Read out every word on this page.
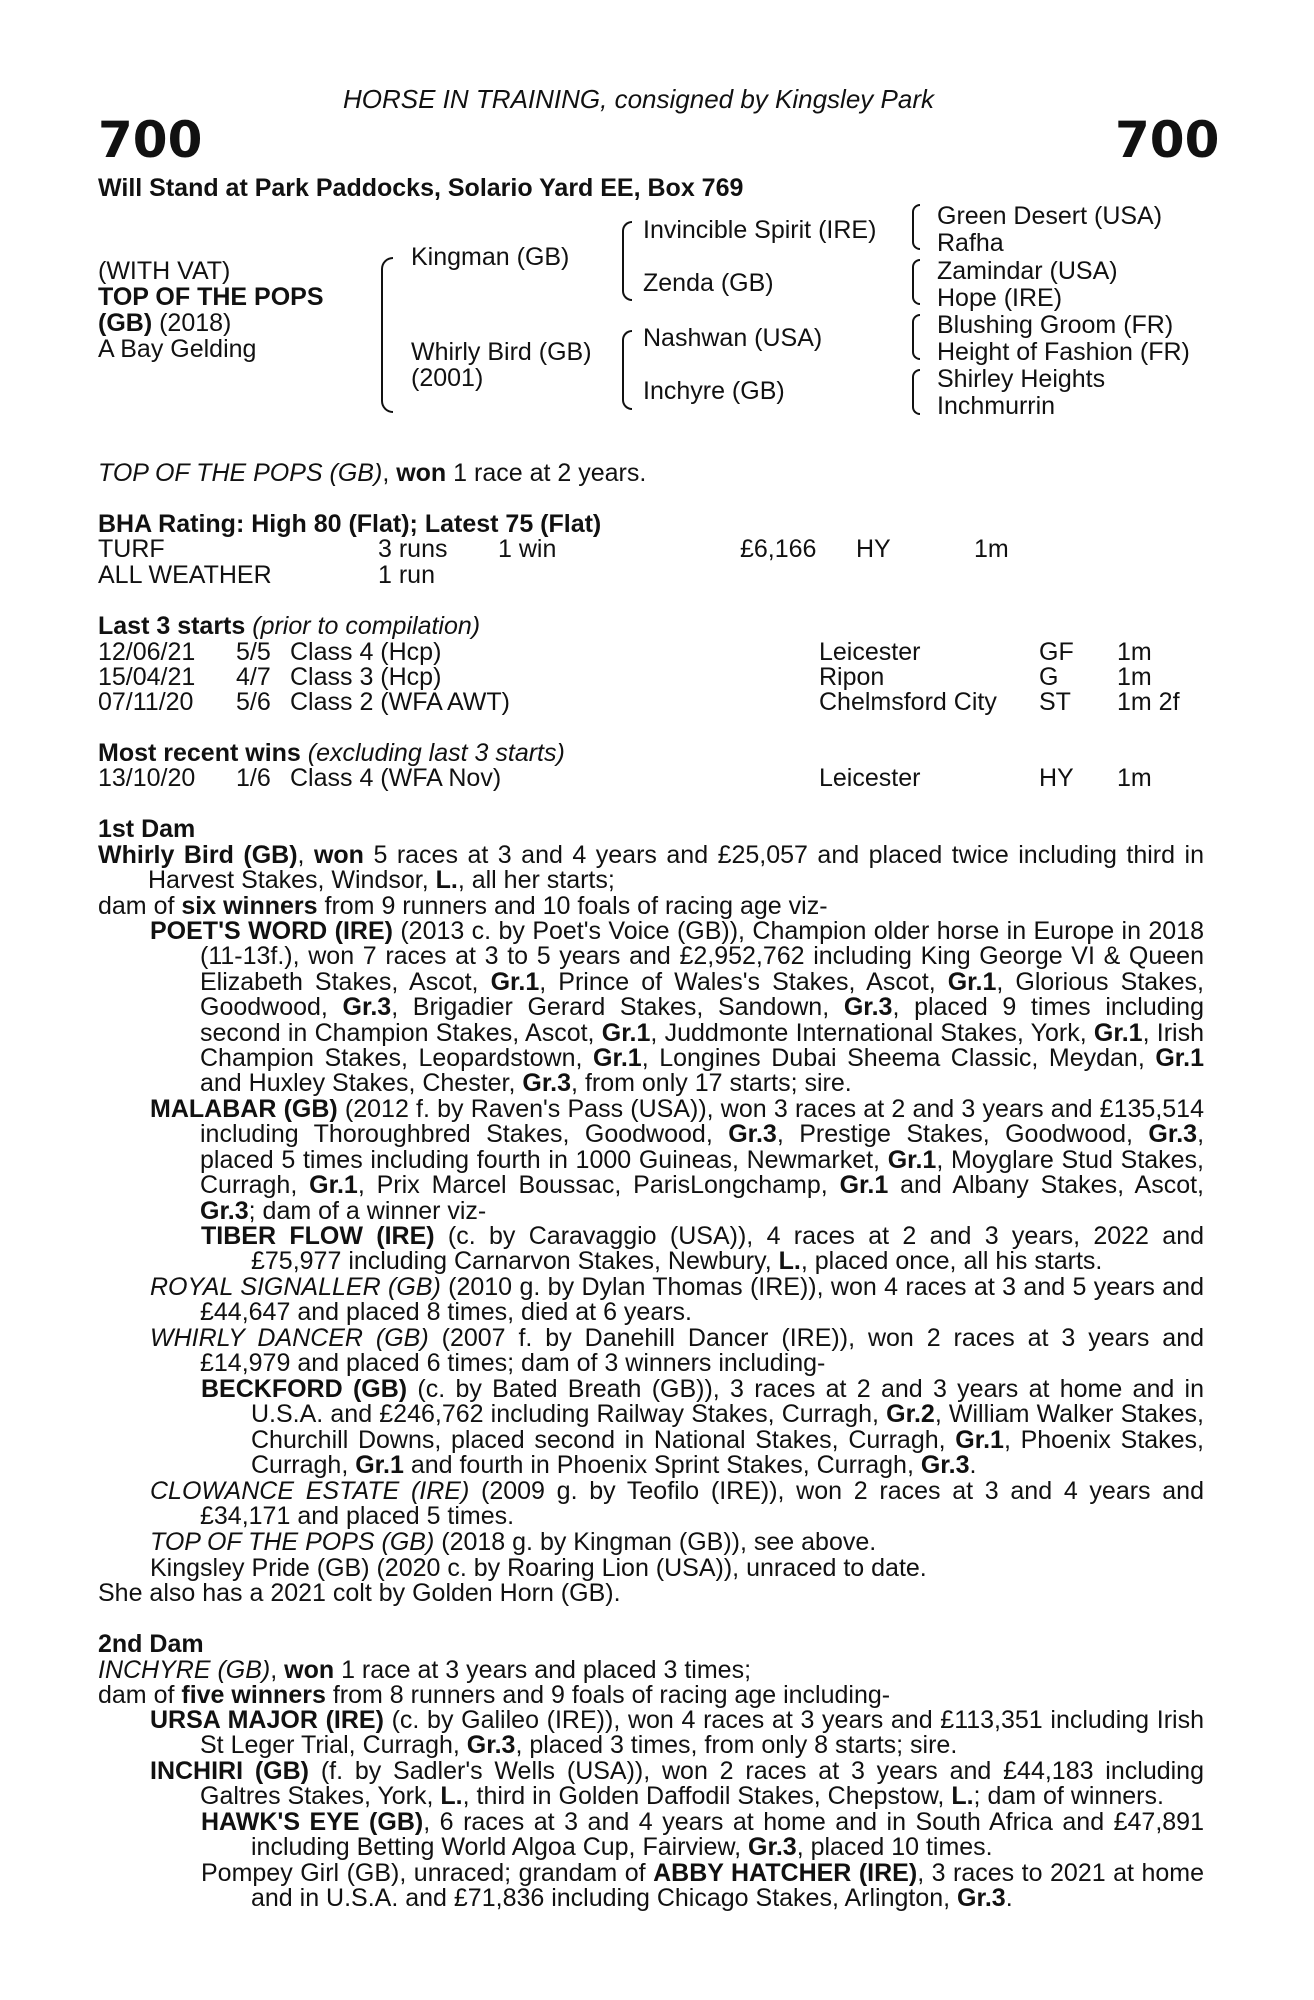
HORSE IN TRAINING, consigned by Kingsley Park
700	700
Will Stand at Park Paddocks, Solario Yard EE, Box 769
(WITH VAT)
TOP OF THE POPS
(GB) (2018)
A Bay Gelding
Kingman (GB)
Whirly Bird (GB)
(2001)
Invincible Spirit (IRE)
Zenda (GB)
Nashwan (USA)
Inchyre (GB)
Green Desert (USA)
Rafha
Zamindar (USA)
Hope (IRE)
Blushing Groom (FR)
Height of Fashion (FR)
Shirley Heights
Inchmurrin
TOP OF THE POPS (GB), won 1 race at 2 years.
BHA Rating: High 80 (Flat); Latest 75 (Flat)
TURF	3 runs 1 win	£6,166 HY	1m
ALL WEATHER	1 run
Last 3 starts (prior to compilation)
12/06/21 5/5 Class 4 (Hcp)	Leicester	GF 1m
15/04/21 4/7 Class 3 (Hcp)	Ripon	G 1m
07/11/20 5/6 Class 2 (WFA AWT)	Chelmsford City ST 1m 2f
Most recent wins (excluding last 3 starts)
13/10/20 1/6 Class 4 (WFA Nov)	Leicester	HY 1m
1st Dam
Whirly Bird (GB), won 5 races at 3 and 4 years and £25,057 and placed twice including third in Harvest Stakes, Windsor, L., all her starts;
dam of six winners from 9 runners and 10 foals of racing age viz-
POET'S WORD (IRE) (2013 c. by Poet's Voice (GB)), Champion older horse in Europe in 2018 (11-13f.), won 7 races at 3 to 5 years and £2,952,762 including King George VI & Queen Elizabeth Stakes, Ascot, Gr.1, Prince of Wales's Stakes, Ascot, Gr.1, Glorious Stakes, Goodwood, Gr.3, Brigadier Gerard Stakes, Sandown, Gr.3, placed 9 times including second in Champion Stakes, Ascot, Gr.1, Juddmonte International Stakes, York, Gr.1, Irish Champion Stakes, Leopardstown, Gr.1, Longines Dubai Sheema Classic, Meydan, Gr.1 and Huxley Stakes, Chester, Gr.3, from only 17 starts; sire.
MALABAR (GB) (2012 f. by Raven's Pass (USA)), won 3 races at 2 and 3 years and £135,514 including Thoroughbred Stakes, Goodwood, Gr.3, Prestige Stakes, Goodwood, Gr.3, placed 5 times including fourth in 1000 Guineas, Newmarket, Gr.1, Moyglare Stud Stakes, Curragh, Gr.1, Prix Marcel Boussac, ParisLongchamp, Gr.1 and Albany Stakes, Ascot, Gr.3; dam of a winner viz-
TIBER FLOW (IRE) (c. by Caravaggio (USA)), 4 races at 2 and 3 years, 2022 and £75,977 including Carnarvon Stakes, Newbury, L., placed once, all his starts.
ROYAL SIGNALLER (GB) (2010 g. by Dylan Thomas (IRE)), won 4 races at 3 and 5 years and £44,647 and placed 8 times, died at 6 years.
WHIRLY DANCER (GB) (2007 f. by Danehill Dancer (IRE)), won 2 races at 3 years and £14,979 and placed 6 times; dam of 3 winners including-
BECKFORD (GB) (c. by Bated Breath (GB)), 3 races at 2 and 3 years at home and in U.S.A. and £246,762 including Railway Stakes, Curragh, Gr.2, William Walker Stakes, Churchill Downs, placed second in National Stakes, Curragh, Gr.1, Phoenix Stakes, Curragh, Gr.1 and fourth in Phoenix Sprint Stakes, Curragh, Gr.3.
CLOWANCE ESTATE (IRE) (2009 g. by Teofilo (IRE)), won 2 races at 3 and 4 years and £34,171 and placed 5 times.
TOP OF THE POPS (GB) (2018 g. by Kingman (GB)), see above.
Kingsley Pride (GB) (2020 c. by Roaring Lion (USA)), unraced to date.
She also has a 2021 colt by Golden Horn (GB).
2nd Dam
INCHYRE (GB), won 1 race at 3 years and placed 3 times;
dam of five winners from 8 runners and 9 foals of racing age including-
URSA MAJOR (IRE) (c. by Galileo (IRE)), won 4 races at 3 years and £113,351 including Irish St Leger Trial, Curragh, Gr.3, placed 3 times, from only 8 starts; sire.
INCHIRI (GB) (f. by Sadler's Wells (USA)), won 2 races at 3 years and £44,183 including Galtres Stakes, York, L., third in Golden Daffodil Stakes, Chepstow, L.; dam of winners.
HAWK'S EYE (GB), 6 races at 3 and 4 years at home and in South Africa and £47,891 including Betting World Algoa Cup, Fairview, Gr.3, placed 10 times.
Pompey Girl (GB), unraced; grandam of ABBY HATCHER (IRE), 3 races to 2021 at home and in U.S.A. and £71,836 including Chicago Stakes, Arlington, Gr.3.
